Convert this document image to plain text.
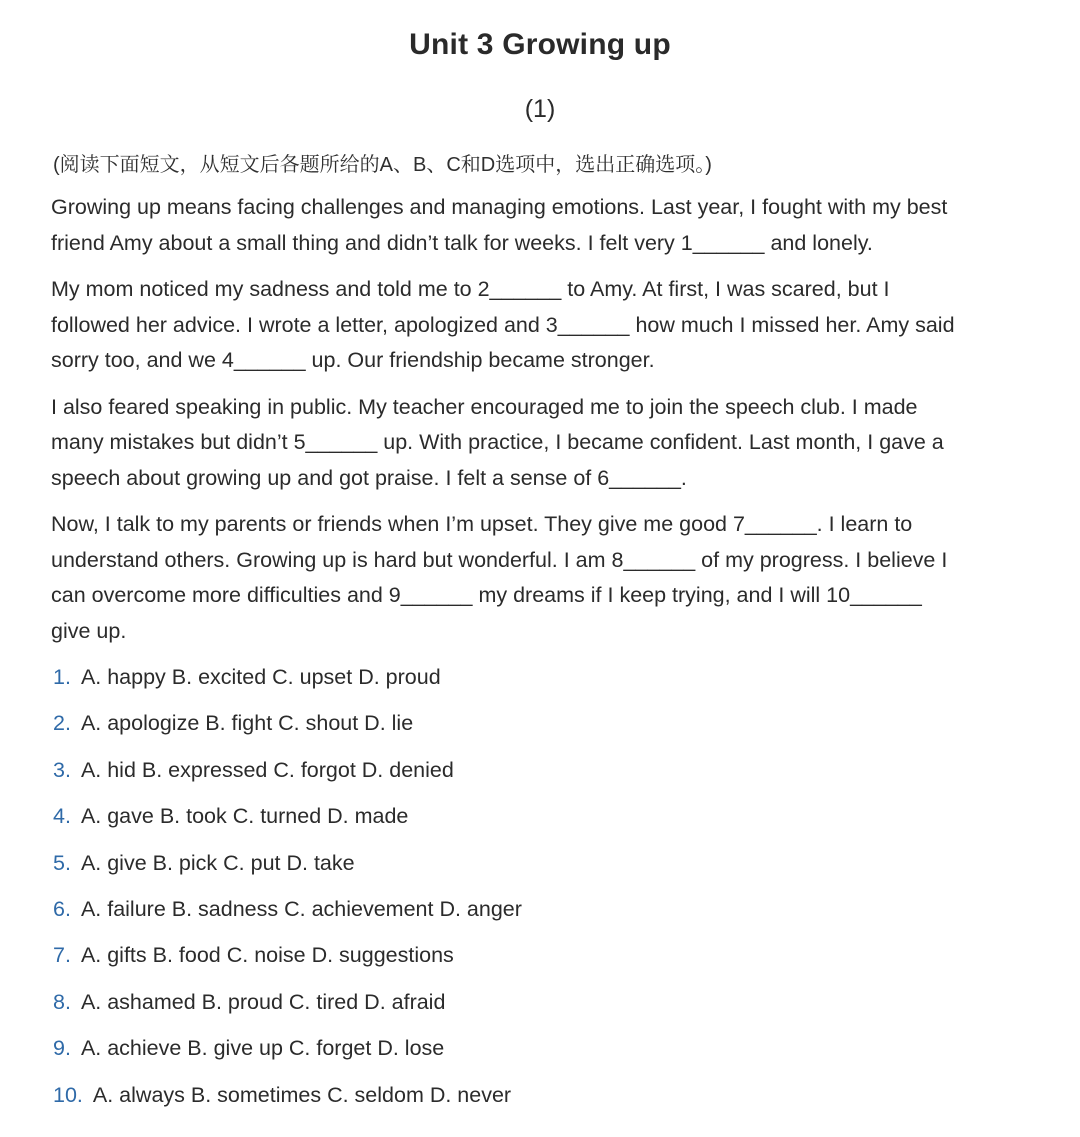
Unit 3 Growing up
(1)
(阅读下面短文，从短文后各题所给的A、B、C和D选项中，选出正确选项。)

Growing up means facing challenges and managing emotions. Last year, I fought with my best
friend Amy about a small thing and didn’t talk for weeks. I felt very 1______ and lonely.

My mom noticed my sadness and told me to 2______ to Amy. At first, I was scared, but I
followed her advice. I wrote a letter, apologized and 3______ how much I missed her. Amy said
sorry too, and we 4______ up. Our friendship became stronger.

I also feared speaking in public. My teacher encouraged me to join the speech club. I made
many mistakes but didn’t 5______ up. With practice, I became confident. Last month, I gave a
speech about growing up and got praise. I felt a sense of 6______.

Now, I talk to my parents or friends when I’m upset. They give me good 7______. I learn to
understand others. Growing up is hard but wonderful. I am 8______ of my progress. I believe I
can overcome more difficulties and 9______ my dreams if I keep trying, and I will 10______
give up.

1. A. happy B. excited C. upset D. proud
2. A. apologize B. fight C. shout D. lie
3. A. hid B. expressed C. forgot D. denied
4. A. gave B. took C. turned D. made
5. A. give B. pick C. put D. take
6. A. failure B. sadness C. achievement D. anger
7. A. gifts B. food C. noise D. suggestions
8. A. ashamed B. proud C. tired D. afraid
9. A. achieve B. give up C. forget D. lose
10. A. always B. sometimes C. seldom D. never
